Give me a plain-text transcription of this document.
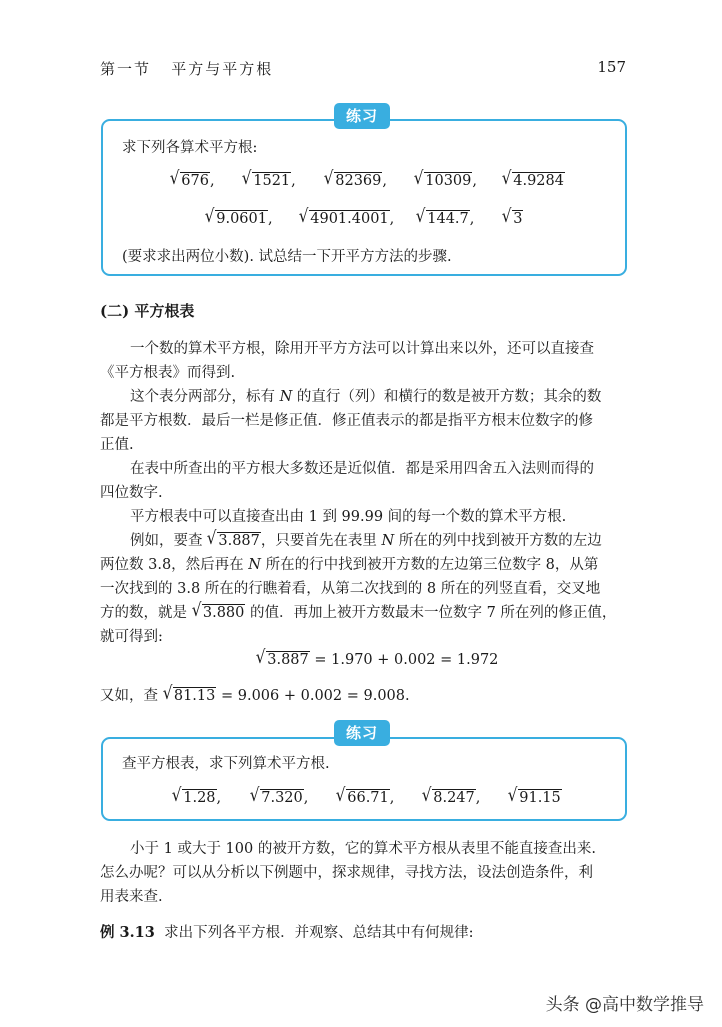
第一节   平方与平方根	157
练习
求下列各算术平方根:
√ 676, √ 1521, √ 82369, √ 10309, √ 4.9284
√ 9.0601, √ 4901.4001, √ 144.7, √ 3
(要求求出两位小数). 试总结一下开平方方法的步骤.
(二) 平方根表
一个数的算术平方根，除用开平方方法可以计算出来以外，还可以直接查
《平方根表》而得到.
这个表分两部分，标有 N 的直行（列）和横行的数是被开方数；其余的数
都是平方根数．最后一栏是修正值．修正值表示的都是指平方根末位数字的修
正值.
在表中所查出的平方根大多数还是近似值．都是采用四舍五入法则而得的
四位数字.
平方根表中可以直接查出由 1 到 99.99 间的每一个数的算术平方根.
例如，要查 √ 3.887，只要首先在表里 N 所在的列中找到被开方数的左边
两位数 3.8，然后再在 N 所在的行中找到被开方数的左边第三位数字 8，从第
一次找到的 3.8 所在的行瞧着看，从第二次找到的 8 所在的列竖直看，交叉地
方的数，就是 √ 3.880 的值．再加上被开方数最末一位数字 7 所在列的修正值，
就可得到:
√ 3.887 = 1.970 + 0.002 = 1.972
又如，查 √ 81.13 = 9.006 + 0.002 = 9.008.
练习
查平方根表，求下列算术平方根.
√ 1.28, √ 7.320, √ 66.71, √ 8.247, √ 91.15
小于 1 或大于 100 的被开方数，它的算术平方根从表里不能直接查出来.
怎么办呢？可以从分析以下例题中，探求规律，寻找方法，设法创造条件，利
用表来查.
例 3.13 求出下列各平方根．并观察、总结其中有何规律:
头条 @高中数学推导
